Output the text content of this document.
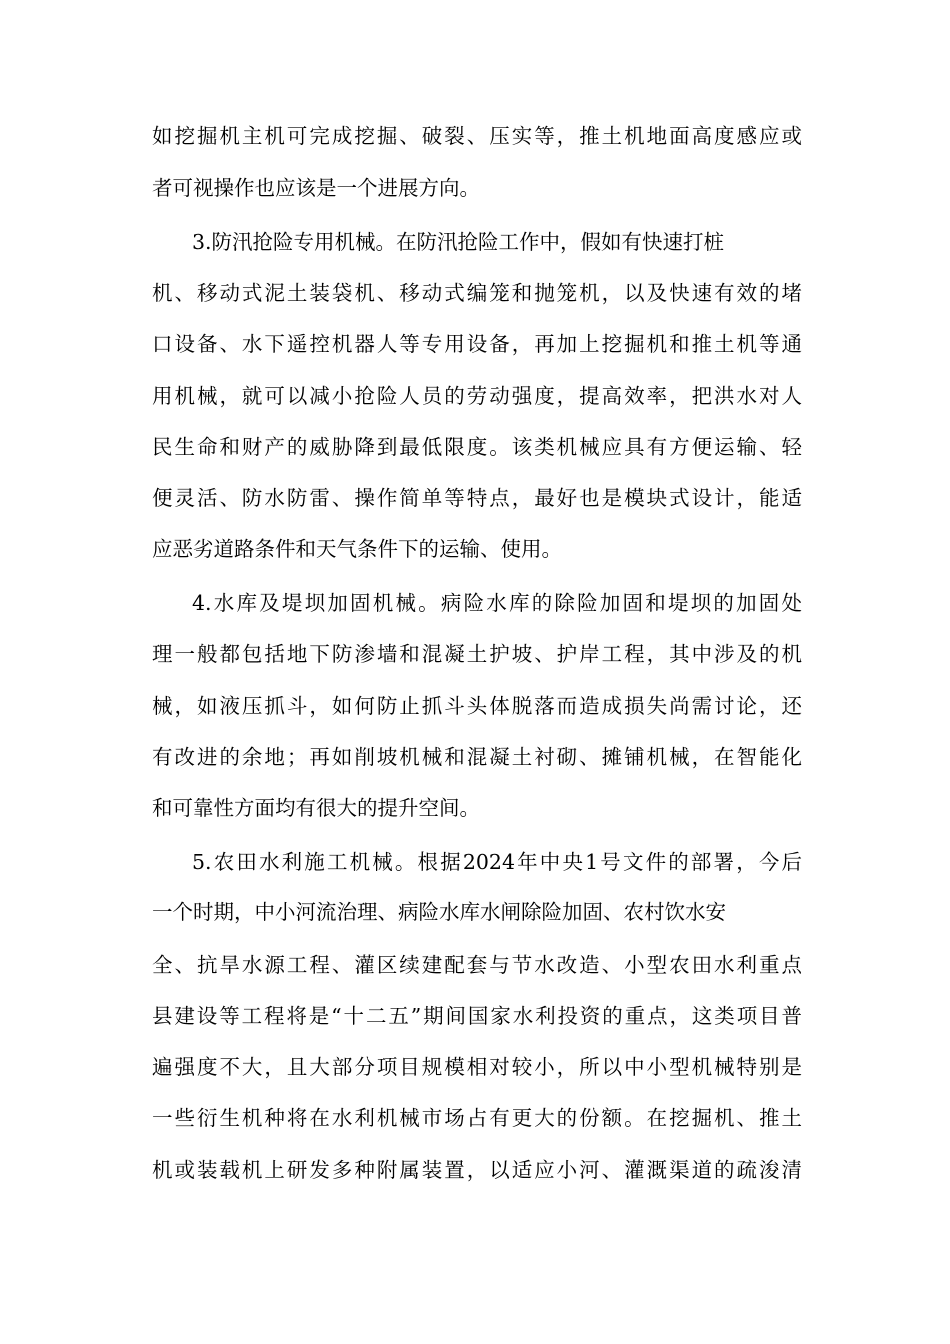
如挖掘机主机可完成挖掘、破裂、压实等，推土机地面高度感应或
者可视操作也应该是一个进展方向。
3.防汛抢险专用机械。在防汛抢险工作中，假如有快速打桩
机、移动式泥土装袋机、移动式编笼和抛笼机，以及快速有效的堵
口设备、水下遥控机器人等专用设备，再加上挖掘机和推土机等通
用机械，就可以减小抢险人员的劳动强度，提高效率，把洪水对人
民生命和财产的威胁降到最低限度。该类机械应具有方便运输、轻
便灵活、防水防雷、操作简单等特点，最好也是模块式设计，能适
应恶劣道路条件和天气条件下的运输、使用。
4.水库及堤坝加固机械。病险水库的除险加固和堤坝的加固处
理一般都包括地下防渗墙和混凝土护坡、护岸工程，其中涉及的机
械，如液压抓斗，如何防止抓斗头体脱落而造成损失尚需讨论，还
有改进的余地；再如削坡机械和混凝土衬砌、摊铺机械，在智能化
和可靠性方面均有很大的提升空间。
5.农田水利施工机械。根据2024年中央1号文件的部署，今后
一个时期，中小河流治理、病险水库水闸除险加固、农村饮水安
全、抗旱水源工程、灌区续建配套与节水改造、小型农田水利重点
县建设等工程将是“十二五”期间国家水利投资的重点，这类项目普
遍强度不大，且大部分项目规模相对较小，所以中小型机械特别是
一些衍生机种将在水利机械市场占有更大的份额。在挖掘机、推土
机或装载机上研发多种附属装置，以适应小河、灌溉渠道的疏浚清
